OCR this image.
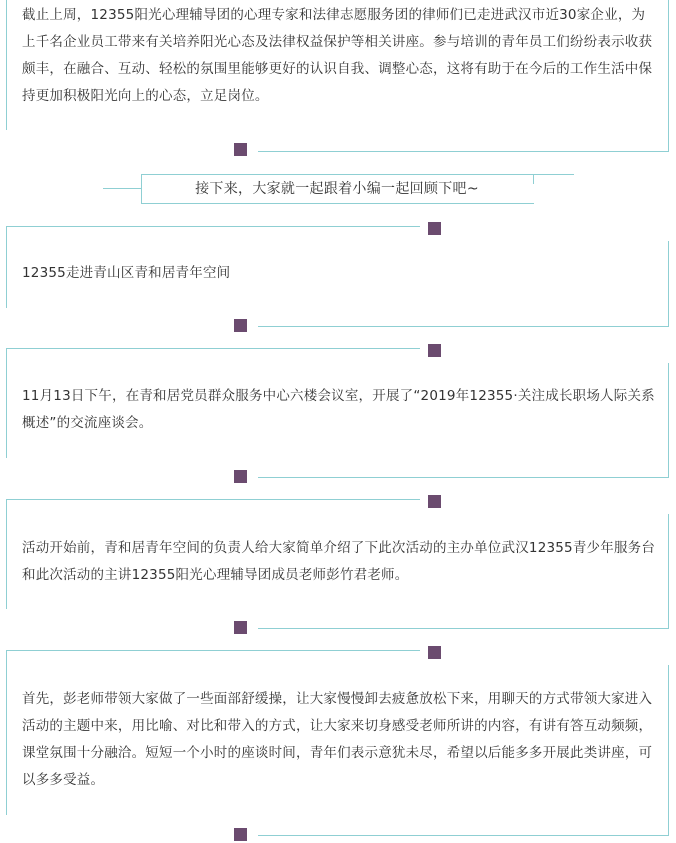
截止上周，12355阳光心理辅导团的心理专家和法律志愿服务团的律师们已走进武汉市近30家企业，为上千名企业员工带来有关培养阳光心态及法律权益保护等相关讲座。参与培训的青年员工们纷纷表示收获颇丰，在融合、互动、轻松的氛围里能够更好的认识自我、调整心态，这将有助于在今后的工作生活中保持更加积极阳光向上的心态，立足岗位。

接下来，大家就一起跟着小编一起回顾下吧~

12355走进青山区青和居青年空间

11月13日下午，在青和居党员群众服务中心六楼会议室，开展了“2019年12355·关注成长职场人际关系概述”的交流座谈会。

活动开始前，青和居青年空间的负责人给大家简单介绍了下此次活动的主办单位武汉12355青少年服务台和此次活动的主讲12355阳光心理辅导团成员老师彭竹君老师。

首先，彭老师带领大家做了一些面部舒缓操，让大家慢慢卸去疲惫放松下来，用聊天的方式带领大家进入活动的主题中来，用比喻、对比和带入的方式，让大家来切身感受老师所讲的内容，有讲有答互动频频，课堂氛围十分融洽。短短一个小时的座谈时间，青年们表示意犹未尽，希望以后能多多开展此类讲座，可以多多受益。
